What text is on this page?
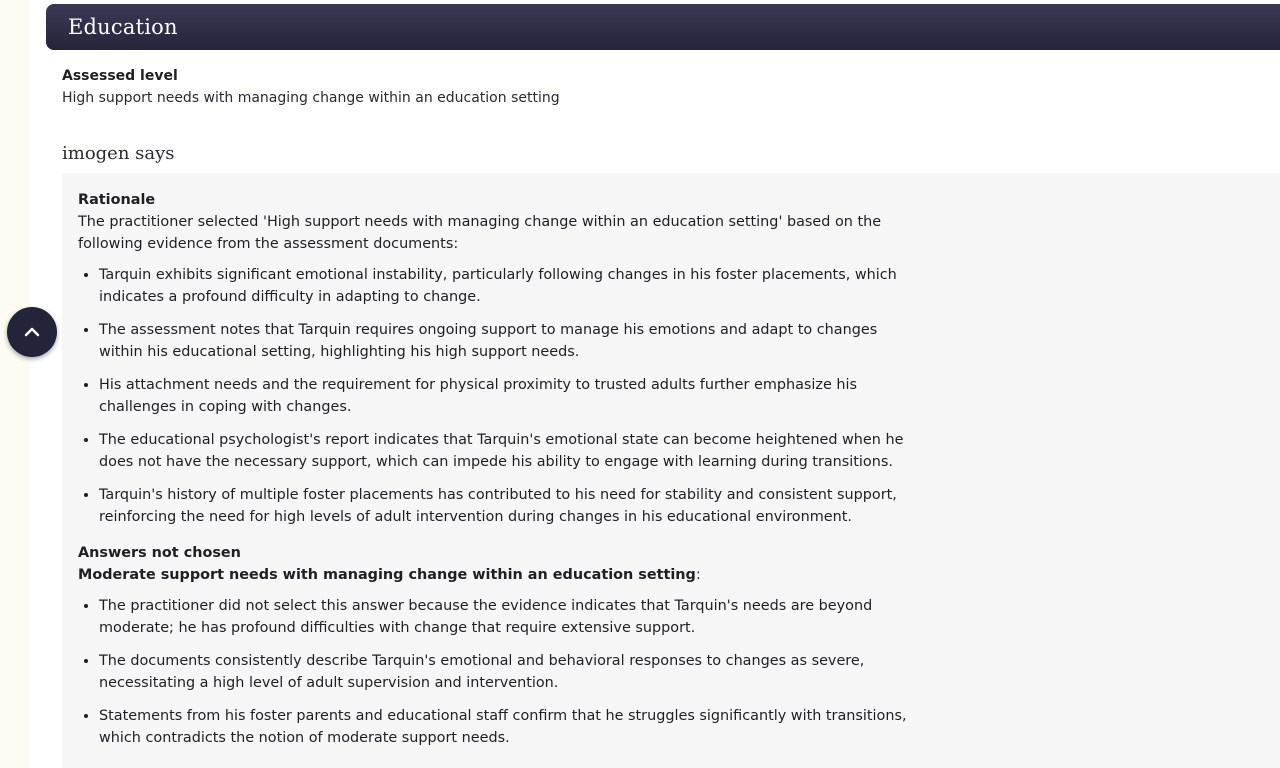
Education
Assessed level
High support needs with managing change within an education setting
imogen says
Rationale

The practitioner selected 'High support needs with managing change within an education setting' based on the following evidence from the assessment documents:

• Tarquin exhibits significant emotional instability, particularly following changes in his foster placements, which indicates a profound difficulty in adapting to change.
• The assessment notes that Tarquin requires ongoing support to manage his emotions and adapt to changes within his educational setting, highlighting his high support needs.
• His attachment needs and the requirement for physical proximity to trusted adults further emphasize his challenges in coping with changes.
• The educational psychologist's report indicates that Tarquin's emotional state can become heightened when he does not have the necessary support, which can impede his ability to engage with learning during transitions.
• Tarquin's history of multiple foster placements has contributed to his need for stability and consistent support, reinforcing the need for high levels of adult intervention during changes in his educational environment.
Answers not chosen
Moderate support needs with managing change within an education setting:
• The practitioner did not select this answer because the evidence indicates that Tarquin's needs are beyond moderate; he has profound difficulties with change that require extensive support.
• The documents consistently describe Tarquin's emotional and behavioral responses to changes as severe, necessitating a high level of adult supervision and intervention.
• Statements from his foster parents and educational staff confirm that he struggles significantly with transitions, which contradicts the notion of moderate support needs.
